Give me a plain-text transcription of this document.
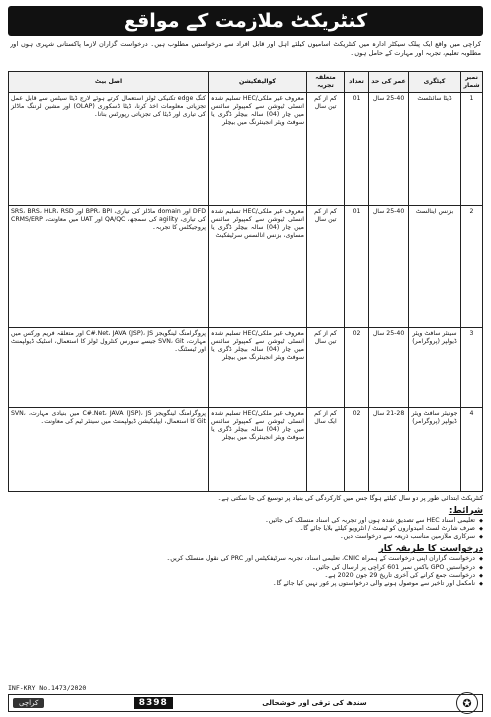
کنٹریکٹ ملازمت کے مواقع

کراچی میں واقع ایک پبلک سیکٹر ادارہ میں کنٹریکٹ اسامیوں کیلئے اہل اور قابل افراد سے درخواستیں مطلوب ہیں۔ درخواست گزاران لازما پاکستانی شہری ہوں اور مطلوبہ تعلیم، تجربہ اور مہارت کے حامل ہوں۔

نمبر شمار	کیٹگری	عمر کی حد	تعداد	متعلقہ تجربہ	کوالیفکیشن	اصل بیٹ
1	ڈیٹا سائنٹسٹ	25-40 سال	01	کم از کم تین سال	معروف غیر ملکی/HEC تسلیم شدہ انسٹی ٹیوشن سے کمپیوٹر سائنس میں چار (04) سالہ بیچلر ڈگری یا سوفٹ ویئر انجینئرنگ میں بیچلر	کنگ edge تکنیکی ٹولز استعمال کرتے ہوئے لارج ڈیٹا سیٹس سے قابل عمل تجزیاتی معلومات اخذ کرنا، ڈیٹا ڈسکوری (OLAP) اور مشین لرننگ ماڈلز کی تیاری اور ڈیٹا کی تجزیاتی رپورٹس بنانا۔
2	بزنس اینالسٹ	25-40 سال	01	کم از کم تین سال	معروف غیر ملکی/HEC تسلیم شدہ انسٹی ٹیوشن سے کمپیوٹر سائنس میں چار (04) سالہ بیچلر ڈگری یا مساوی، بزنس انالسس سرٹیفکیٹ	DFD اور domain ماڈلز کی تیاری، BPR، BPI اور SRS، BRS، HLR، RSD کی تیاری، agility کی سمجھ، QA/QC اور UAT میں معاونت، CRMS/ERP پروجیکٹس کا تجربہ۔
3	سینئر سافٹ ویئر ڈیولپر (پروگرامر)	25-40 سال	02	کم از کم تین سال	معروف غیر ملکی/HEC تسلیم شدہ انسٹی ٹیوشن سے کمپیوٹر سائنس میں چار (04) سالہ بیچلر ڈگری یا سوفٹ ویئر انجینئرنگ میں بیچلر	پروگرامنگ لینگویجز C#.Net، JAVA (JSP)، JS اور متعلقہ فریم ورکس میں مہارت، SVN، Git جیسے سورس کنٹرول ٹولز کا استعمال، اسٹیک ڈیولپمنٹ اور ٹیسٹنگ۔
4	جونیئر سافٹ ویئر ڈیولپر (پروگرامر)	21-28 سال	02	کم از کم ایک سال	معروف غیر ملکی/HEC تسلیم شدہ انسٹی ٹیوشن سے کمپیوٹر سائنس میں چار (04) سالہ بیچلر ڈگری یا سوفٹ ویئر انجینئرنگ میں بیچلر	پروگرامنگ لینگویجز C#.Net، JAVA (JSP)، JS میں بنیادی مہارت، SVN، Git کا استعمال، ایپلیکیشن ڈیولپمنٹ میں سینئر ٹیم کی معاونت۔

کنٹریکٹ ابتدائی طور پر دو سال کیلئے ہوگا جس میں کارکردگی کی بنیاد پر توسیع کی جا سکتی ہے۔

شرائط:
◆ تعلیمی اسناد HEC سے تصدیق شدہ ہوں اور تجربہ کی اسناد منسلک کی جائیں۔
◆ صرف شارٹ لسٹ امیدواروں کو ٹیسٹ / انٹرویو کیلئے بلایا جائے گا۔
◆ سرکاری ملازمین مناسب ذریعہ سے درخواست دیں۔
درخواست کا طریقہ کار
◆ درخواست گزاران اپنی درخواست کے ہمراہ CNIC، تعلیمی اسناد، تجربہ سرٹیفکیٹس اور PRC کی نقول منسلک کریں۔
◆ درخواستیں GPO باکس نمبر 601 کراچی پر ارسال کی جائیں۔
◆ درخواست جمع کرانے کی آخری تاریخ 29 جون 2020 ہے۔
◆ نامکمل اور تاخیر سے موصول ہونے والی درخواستوں پر غور نہیں کیا جائے گا۔
INF-KRY No.1473/2020
✪
سندھ کی ترقی اور خوشحالی
8398
کراچی
